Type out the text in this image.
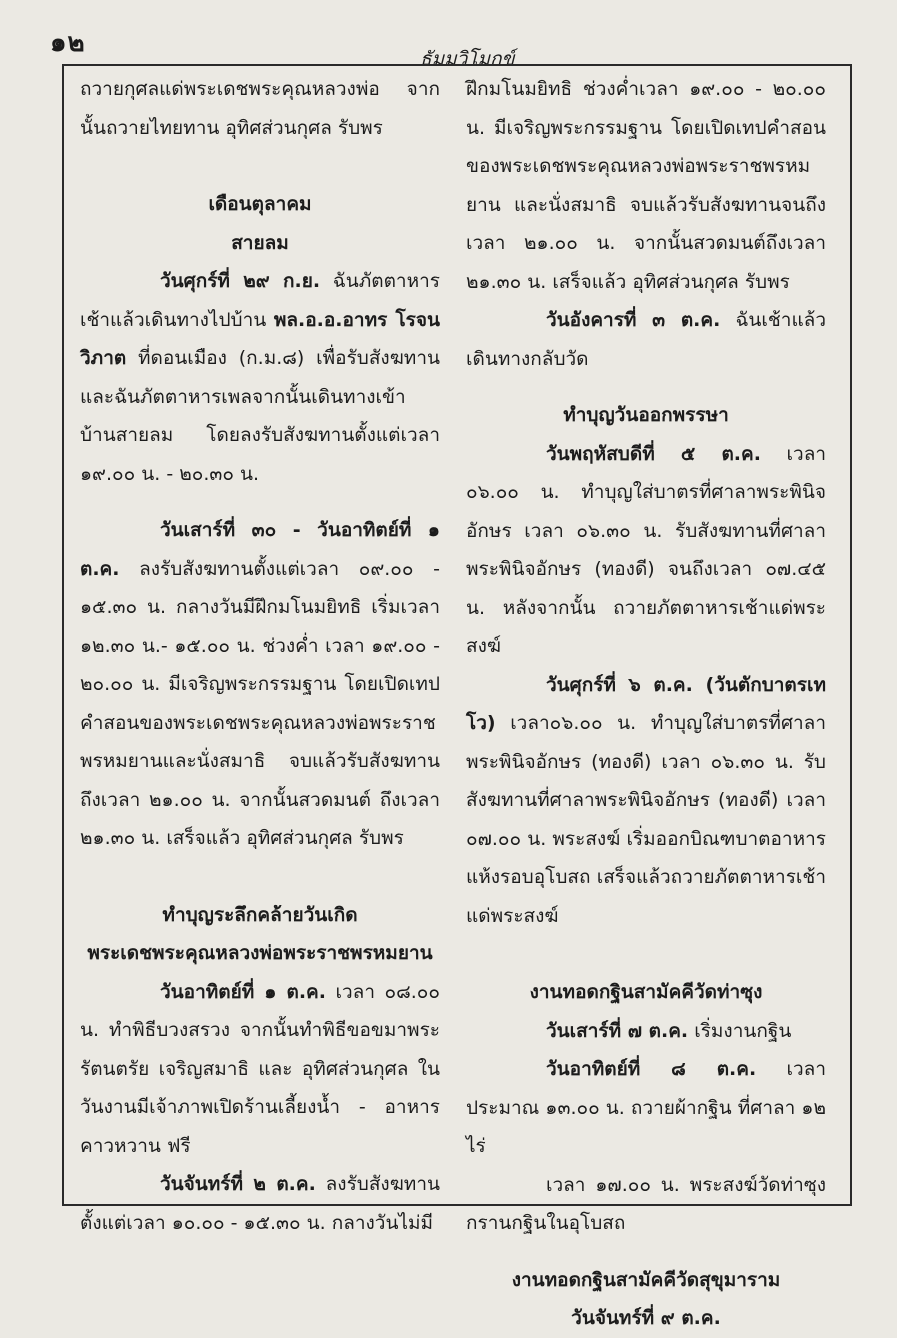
๑๒
ธัมมวิโมกข์

ถวายกุศลแด่พระเดชพระคุณหลวงพ่อ จากนั้นถวายไทยทาน อุทิศส่วนกุศล รับพร

เดือนตุลาคม

สายลม

วันศุกร์ที่ ๒๙ ก.ย. ฉันภัตตาหารเช้าแล้วเดินทางไปบ้าน พล.อ.อ.อาทร โรจนวิภาต ที่ดอนเมือง (ก.ม.๘) เพื่อรับสังฆทาน และฉันภัตตาหารเพลจากนั้นเดินทางเข้าบ้านสายลม โดยลงรับสังฆทานตั้งแต่เวลา ๑๙.๐๐ น. - ๒๐.๓๐ น.

วันเสาร์ที่ ๓๐ - วันอาทิตย์ที่ ๑ ต.ค. ลงรับสังฆทานตั้งแต่เวลา ๐๙.๐๐ - ๑๕.๓๐ น. กลางวันมีฝึกมโนมยิทธิ เริ่มเวลา ๑๒.๓๐ น.- ๑๕.๐๐ น. ช่วงค่ำ เวลา ๑๙.๐๐ - ๒๐.๐๐ น. มีเจริญพระกรรมฐาน โดยเปิดเทปคำสอนของพระเดชพระคุณหลวงพ่อพระราชพรหมยานและนั่งสมาธิ จบแล้วรับสังฆทาน ถึงเวลา ๒๑.๐๐ น. จากนั้นสวดมนต์ ถึงเวลา ๒๑.๓๐ น. เสร็จแล้ว อุทิศส่วนกุศล รับพร

ทำบุญระลึกคล้ายวันเกิด

พระเดชพระคุณหลวงพ่อพระราชพรหมยาน

วันอาทิตย์ที่ ๑ ต.ค. เวลา ๐๘.๐๐ น. ทำพิธีบวงสรวง จากนั้นทำพิธีขอขมาพระรัตนตรัย เจริญสมาธิ และ อุทิศส่วนกุศล ในวันงานมีเจ้าภาพเปิดร้านเลี้ยงน้ำ - อาหารคาวหวาน ฟรี

วันจันทร์ที่ ๒ ต.ค. ลงรับสังฆทาน ตั้งแต่เวลา ๑๐.๐๐ - ๑๕.๓๐ น. กลางวันไม่มี

ฝึกมโนมยิทธิ ช่วงค่ำเวลา ๑๙.๐๐ - ๒๐.๐๐ น. มีเจริญพระกรรมฐาน โดยเปิดเทปคำสอนของพระเดชพระคุณหลวงพ่อพระราชพรหมยาน และนั่งสมาธิ จบแล้วรับสังฆทานจนถึง เวลา ๒๑.๐๐ น. จากนั้นสวดมนต์ถึงเวลา ๒๑.๓๐ น. เสร็จแล้ว อุทิศส่วนกุศล รับพร

วันอังคารที่ ๓ ต.ค. ฉันเช้าแล้วเดินทางกลับวัด

ทำบุญวันออกพรรษา

วันพฤหัสบดีที่ ๕ ต.ค. เวลา ๐๖.๐๐ น. ทำบุญใส่บาตรที่ศาลาพระพินิจอักษร เวลา ๐๖.๓๐ น. รับสังฆทานที่ศาลาพระพินิจอักษร (ทองดี) จนถึงเวลา ๐๗.๔๕ น. หลังจากนั้น ถวายภัตตาหารเช้าแด่พระสงฆ์

วันศุกร์ที่ ๖ ต.ค. (วันตักบาตรเทโว) เวลา๐๖.๐๐ น. ทำบุญใส่บาตรที่ศาลาพระพินิจอักษร (ทองดี) เวลา ๐๖.๓๐ น. รับสังฆทานที่ศาลาพระพินิจอักษร (ทองดี) เวลา ๐๗.๐๐ น. พระสงฆ์ เริ่มออกบิณฑบาตอาหารแห้งรอบอุโบสถ เสร็จแล้วถวายภัตตาหารเช้าแด่พระสงฆ์

งานทอดกฐินสามัคคีวัดท่าซุง

วันเสาร์ที่ ๗ ต.ค. เริ่มงานกฐิน

วันอาทิตย์ที่ ๘ ต.ค. เวลาประมาณ ๑๓.๐๐ น. ถวายผ้ากฐิน ที่ศาลา ๑๒ ไร่

เวลา ๑๗.๐๐ น. พระสงฆ์วัดท่าซุง กรานกฐินในอุโบสถ

งานทอดกฐินสามัคคีวัดสุขุมาราม

วันจันทร์ที่ ๙ ต.ค.
